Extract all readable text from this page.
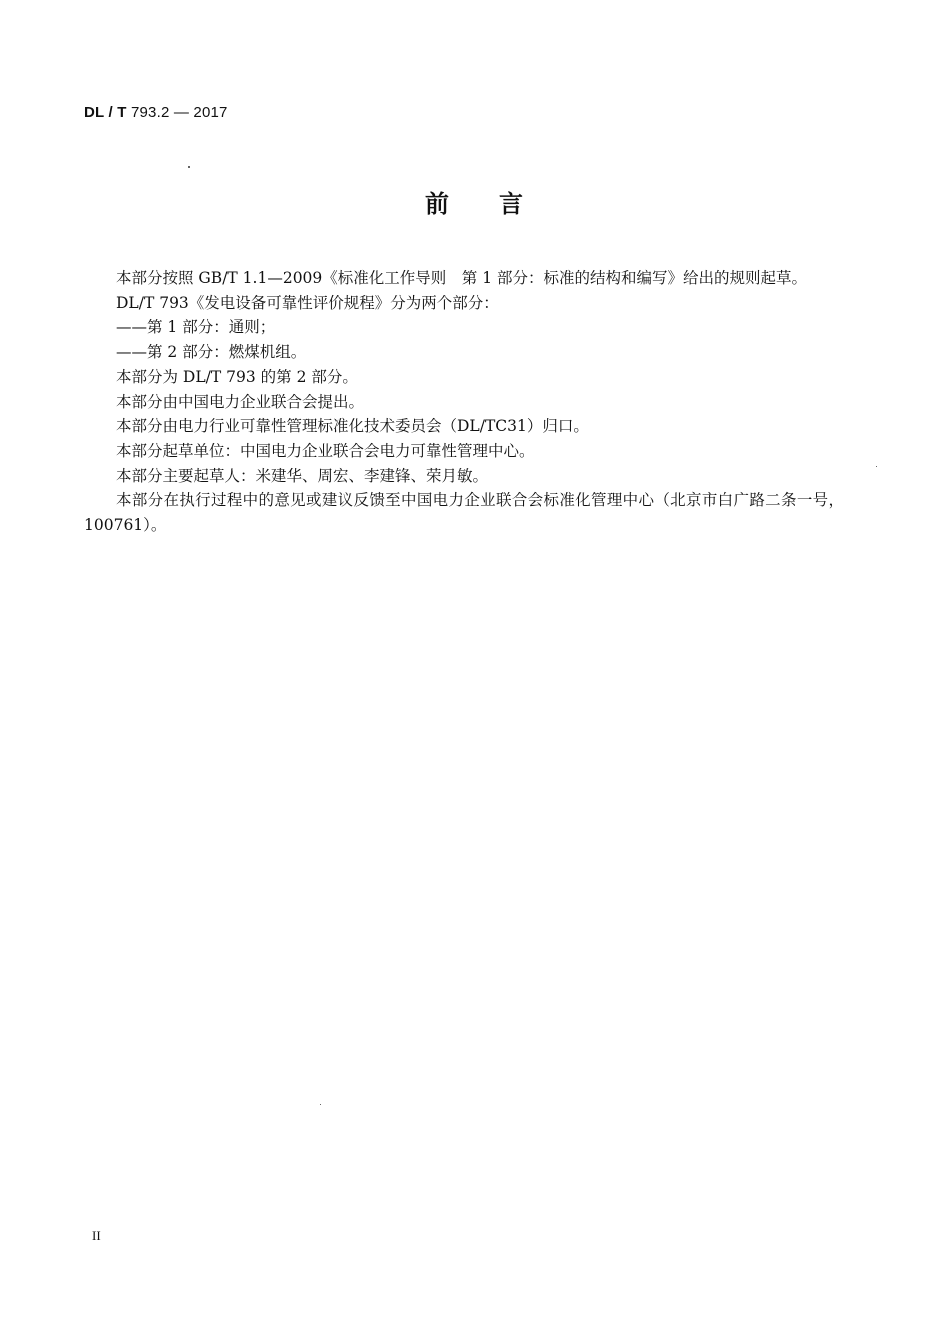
DL / T 793.2 — 2017
前 言

本部分按照 GB/T 1.1—2009《标准化工作导则　第 1 部分：标准的结构和编写》给出的规则起草。

DL/T 793《发电设备可靠性评价规程》分为两个部分：

——第 1 部分：通则；

——第 2 部分：燃煤机组。

本部分为 DL/T 793 的第 2 部分。

本部分由中国电力企业联合会提出。

本部分由电力行业可靠性管理标准化技术委员会（DL/TC31）归口。

本部分起草单位：中国电力企业联合会电力可靠性管理中心。

本部分主要起草人：米建华、周宏、李建锋、荣月敏。

本部分在执行过程中的意见或建议反馈至中国电力企业联合会标准化管理中心（北京市白广路二条一号，100761）。

II
